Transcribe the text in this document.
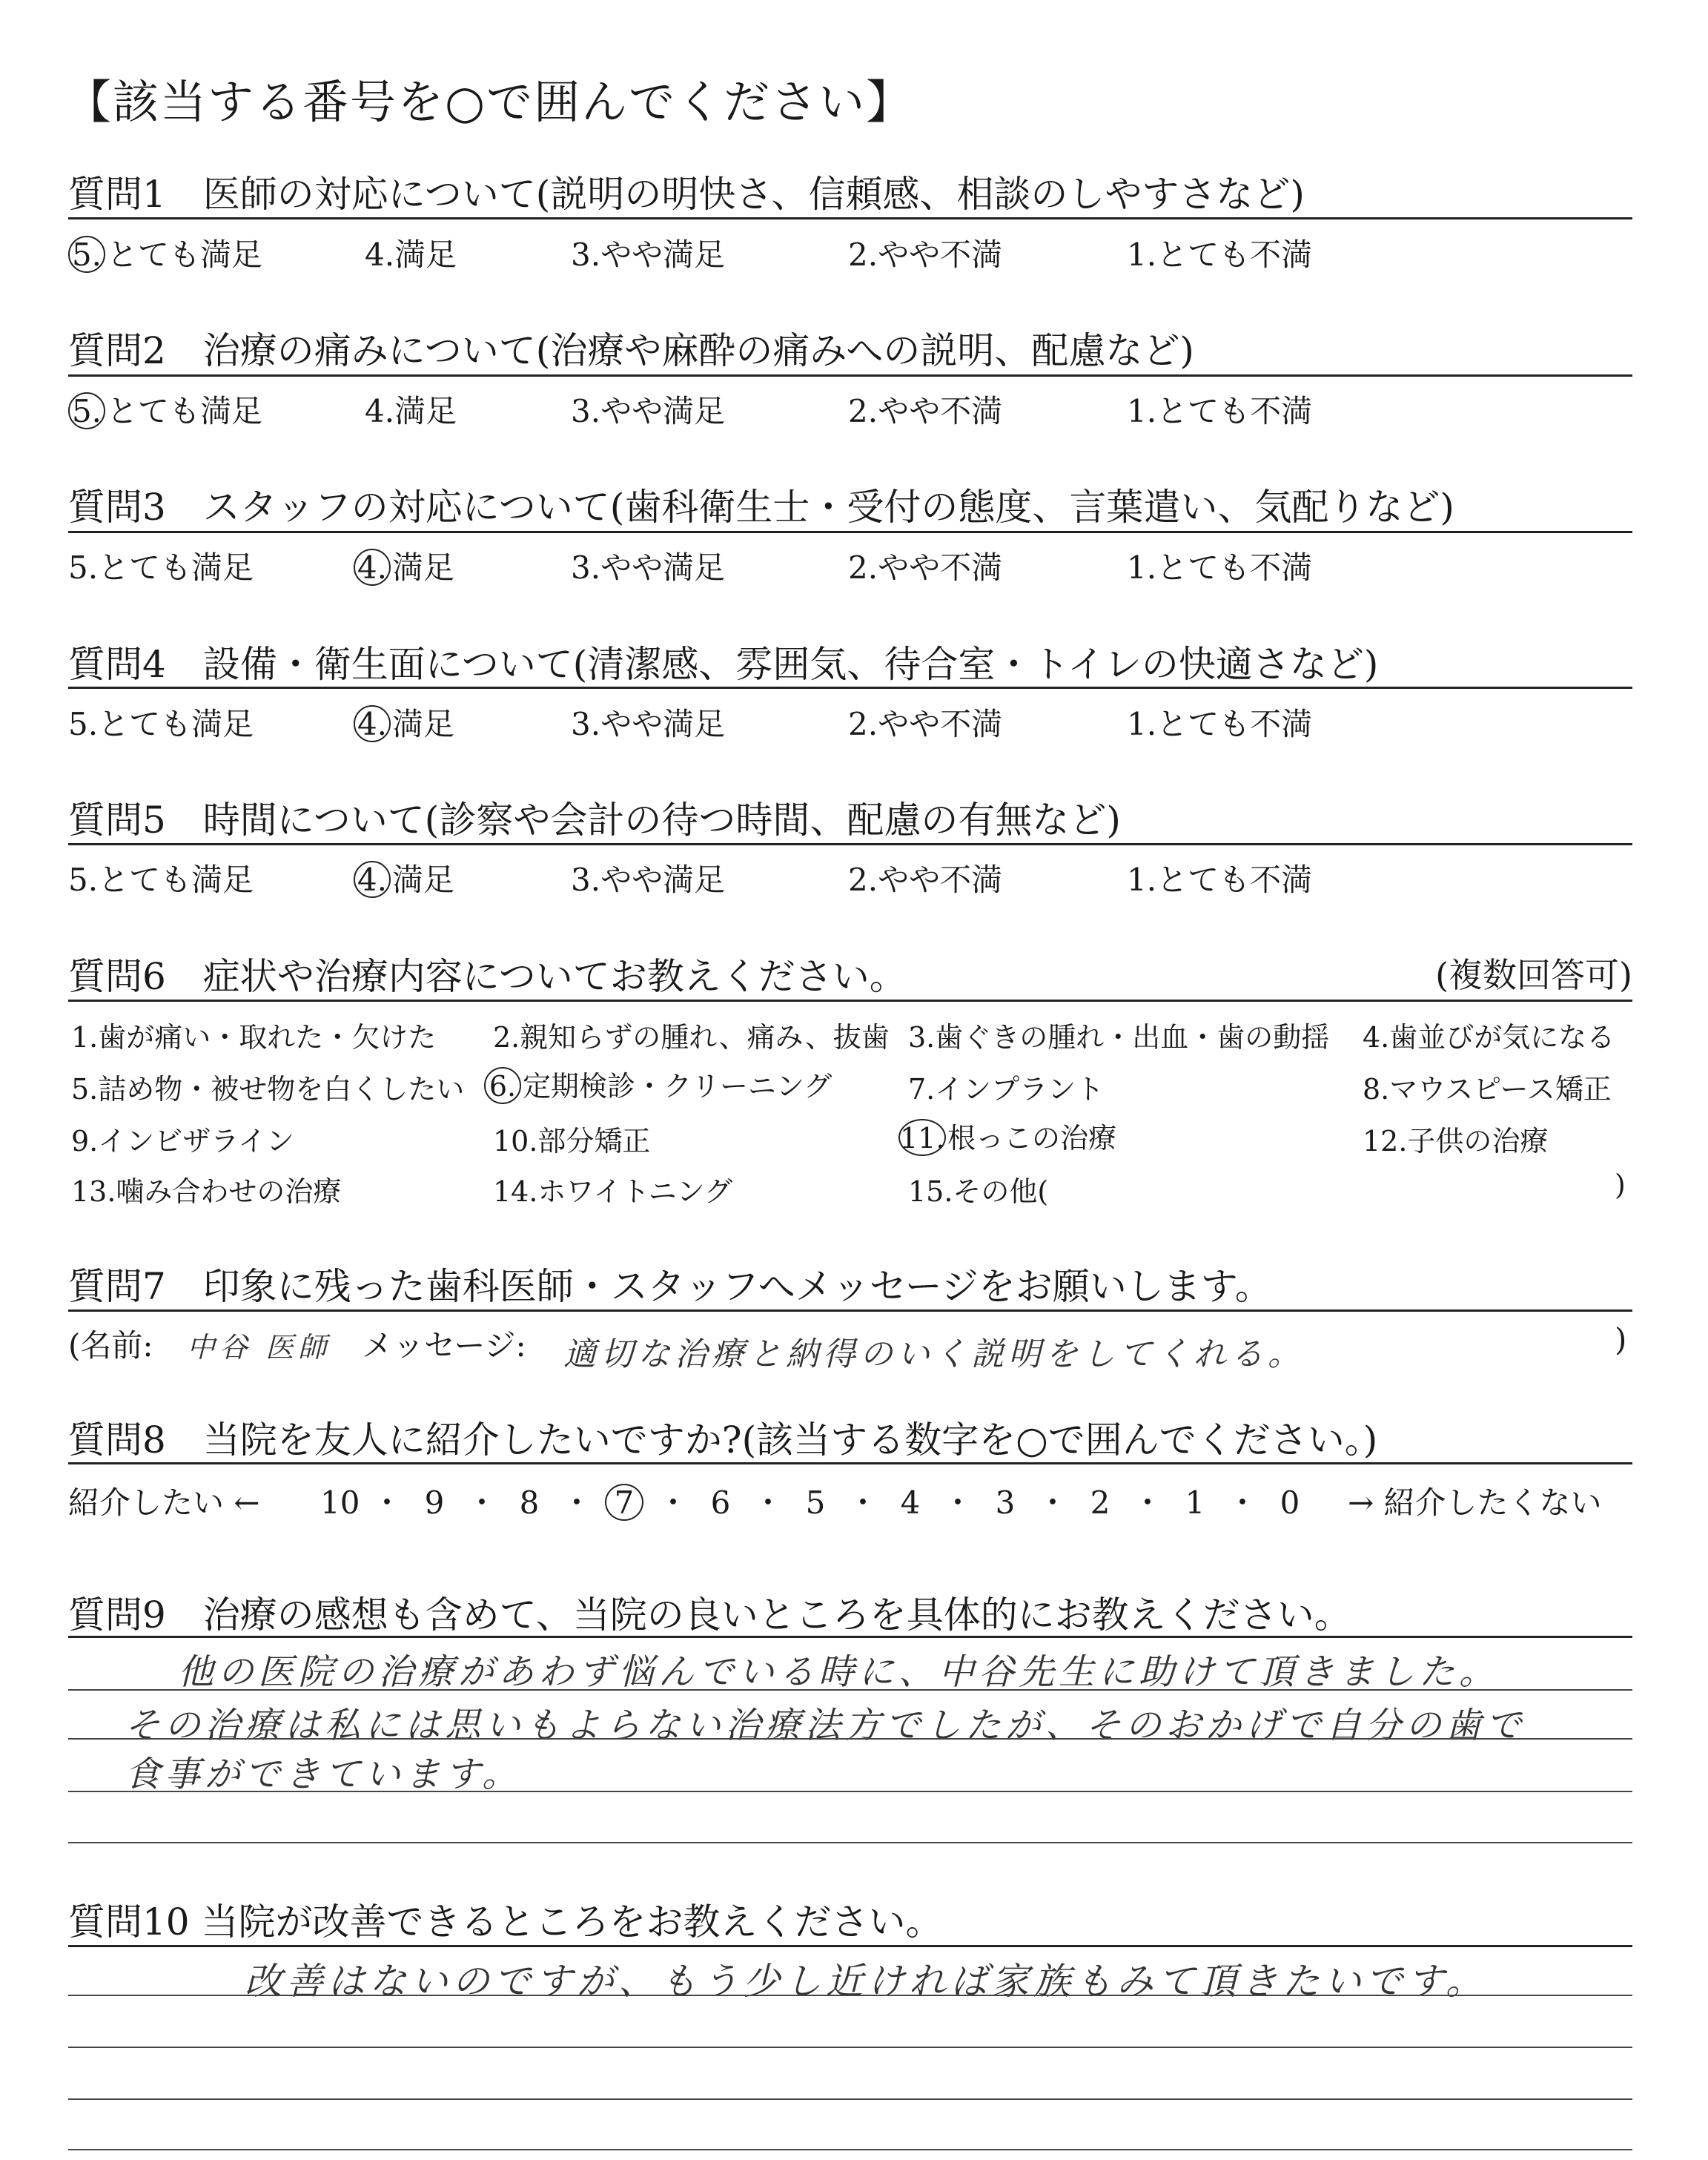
【該当する番号を○で囲んでください】
質問1　医師の対応について(説明の明快さ、信頼感、相談のしやすさなど)
5. とても満足	4.満足	3.やや満足	2.やや不満	1.とても不満
質問2　治療の痛みについて(治療や麻酔の痛みへの説明、配慮など)
5. とても満足	4.満足	3.やや満足	2.やや不満	1.とても不満
質問3　スタッフの対応について(歯科衛生士・受付の態度、言葉遣い、気配りなど)
5.とても満足	4. 満足	3.やや満足	2.やや不満	1.とても不満
質問4　設備・衛生面について(清潔感、雰囲気、待合室・トイレの快適さなど)
5.とても満足	4. 満足	3.やや満足	2.やや不満	1.とても不満
質問5　時間について(診察や会計の待つ時間、配慮の有無など)
5.とても満足	4. 満足	3.やや満足	2.やや不満	1.とても不満
質問6　症状や治療内容についてお教えください。	(複数回答可)
1.歯が痛い・取れた・欠けた 2.親知らずの腫れ、痛み、抜歯 3.歯ぐきの腫れ・出血・歯の動揺 4.歯並びが気になる
5.詰め物・被せ物を白くしたい 6. 定期検診・クリーニング	7.インプラント	8.マウスピース矯正
9.インビザライン	10.部分矯正	11.根っこの治療	12.子供の治療
13.噛み合わせの治療	14.ホワイトニング	15.その他(	)
質問7　印象に残った歯科医師・スタッフへメッセージをお願いします。
(名前: 中谷 医師 メッセージ: 適切な治療と納得のいく説明をしてくれる。	)
質問8　当院を友人に紹介したいですか?(該当する数字を○で囲んでください。)
紹介したい ← 10 ・ 9 ・ 8 ・ 7 ・ 6 ・ 5 ・ 4 ・ 3 ・ 2 ・ 1 ・ 0	→ 紹介したくない
質問9　治療の感想も含めて、当院の良いところを具体的にお教えください。
他の医院の治療があわず悩んでいる時に、中谷先生に助けて頂きました。
その治療は私には思いもよらない治療法方でしたが、そのおかげで自分の歯で
食事ができています。
質問10 当院が改善できるところをお教えください。
改善はないのですが、もう少し近ければ家族もみて頂きたいです。
